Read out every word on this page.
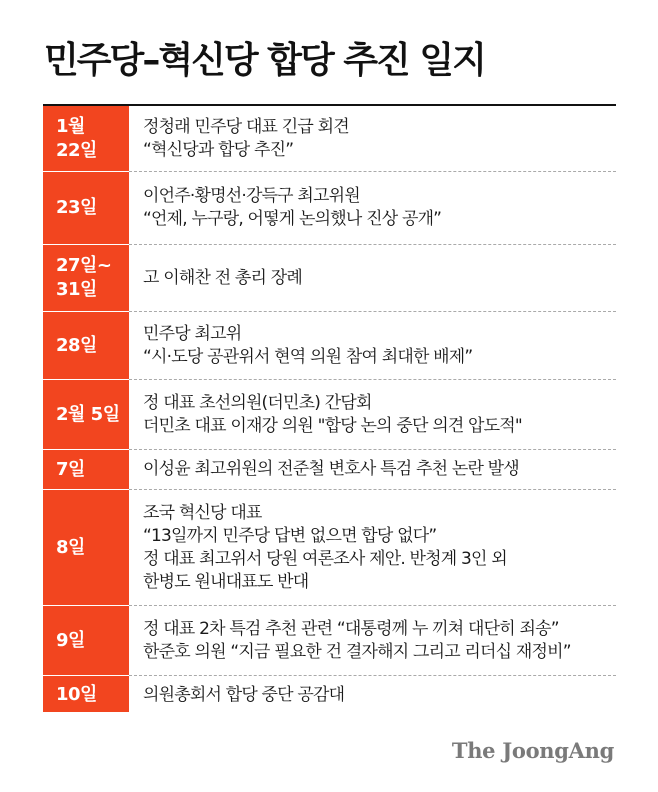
민주당–혁신당 합당 추진 일지
1월
22일
정청래 민주당 대표 긴급 회견
“혁신당과 합당 추진”
23일
이언주·황명선·강득구 최고위원
“언제, 누구랑, 어떻게 논의했나 진상 공개”
27일~
31일
고 이해찬 전 총리 장례
28일
민주당 최고위
“시·도당 공관위서 현역 의원 참여 최대한 배제”
2월 5일
정 대표 초선의원(더민초) 간담회
더민초 대표 이재강 의원 "합당 논의 중단 의견 압도적"
7일	이성윤 최고위원의 전준철 변호사 특검 추천 논란 발생
8일
조국 혁신당 대표
“13일까지 민주당 답변 없으면 합당 없다”
정 대표 최고위서 당원 여론조사 제안. 반청계 3인 외
한병도 원내대표도 반대
9일
정 대표 2차 특검 추천 관련 “대통령께 누 끼쳐 대단히 죄송”
한준호 의원 “지금 필요한 건 결자해지 그리고 리더십 재정비”
10일	의원총회서 합당 중단 공감대
The JoongAng
